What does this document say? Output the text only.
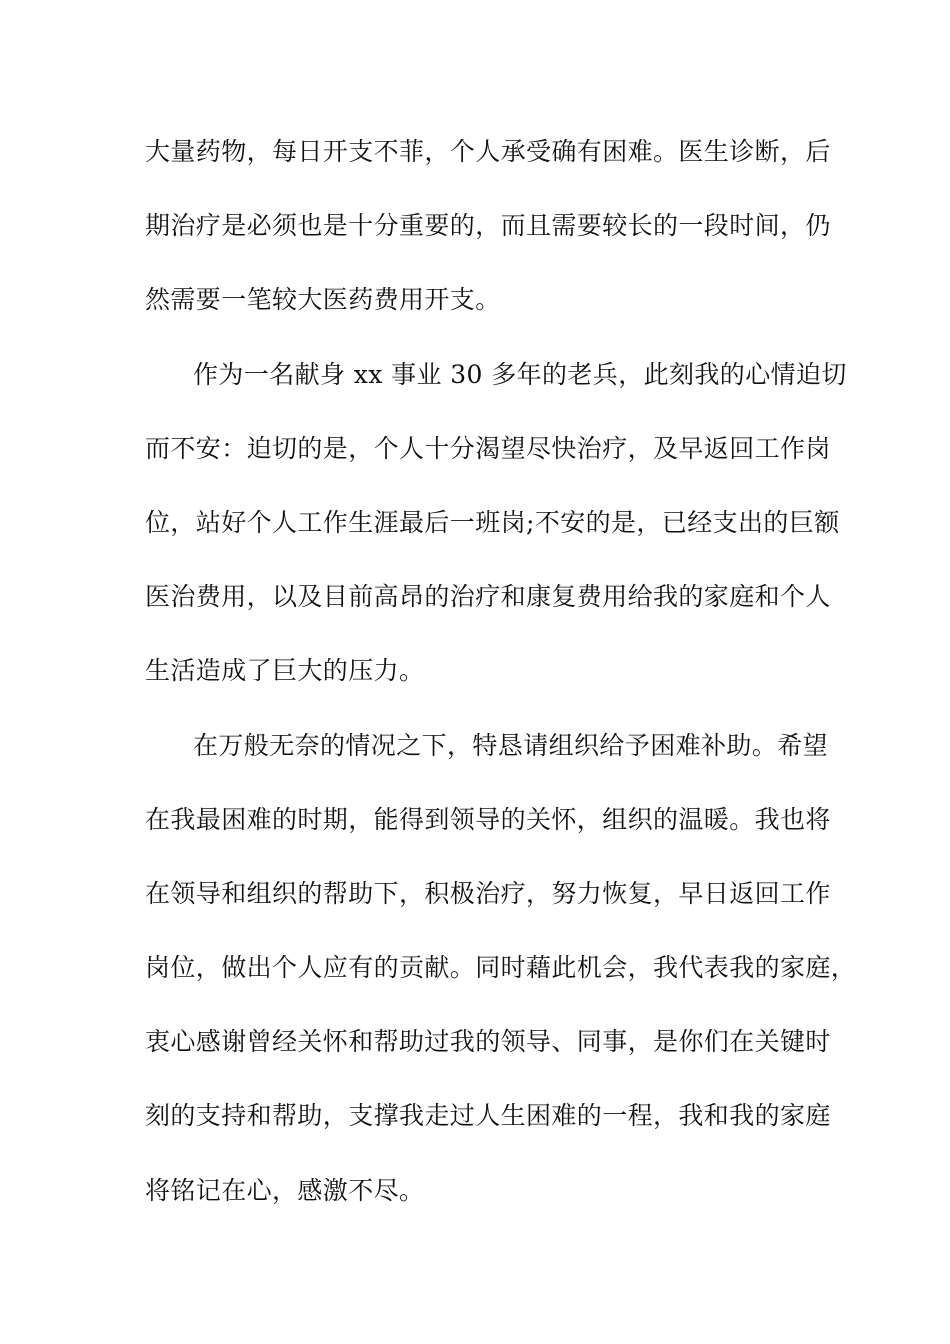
大量药物，每日开支不菲，个人承受确有困难。医生诊断，后
期治疗是必须也是十分重要的，而且需要较长的一段时间，仍
然需要一笔较大医药费用开支。
作为一名献身 xx 事业 30 多年的老兵，此刻我的心情迫切
而不安：迫切的是，个人十分渴望尽快治疗，及早返回工作岗
位，站好个人工作生涯最后一班岗;不安的是，已经支出的巨额
医治费用，以及目前高昂的治疗和康复费用给我的家庭和个人
生活造成了巨大的压力。
在万般无奈的情况之下，特恳请组织给予困难补助。希望
在我最困难的时期，能得到领导的关怀，组织的温暖。我也将
在领导和组织的帮助下，积极治疗，努力恢复，早日返回工作
岗位，做出个人应有的贡献。同时藉此机会，我代表我的家庭，
衷心感谢曾经关怀和帮助过我的领导、同事，是你们在关键时
刻的支持和帮助，支撑我走过人生困难的一程，我和我的家庭
将铭记在心，感激不尽。
